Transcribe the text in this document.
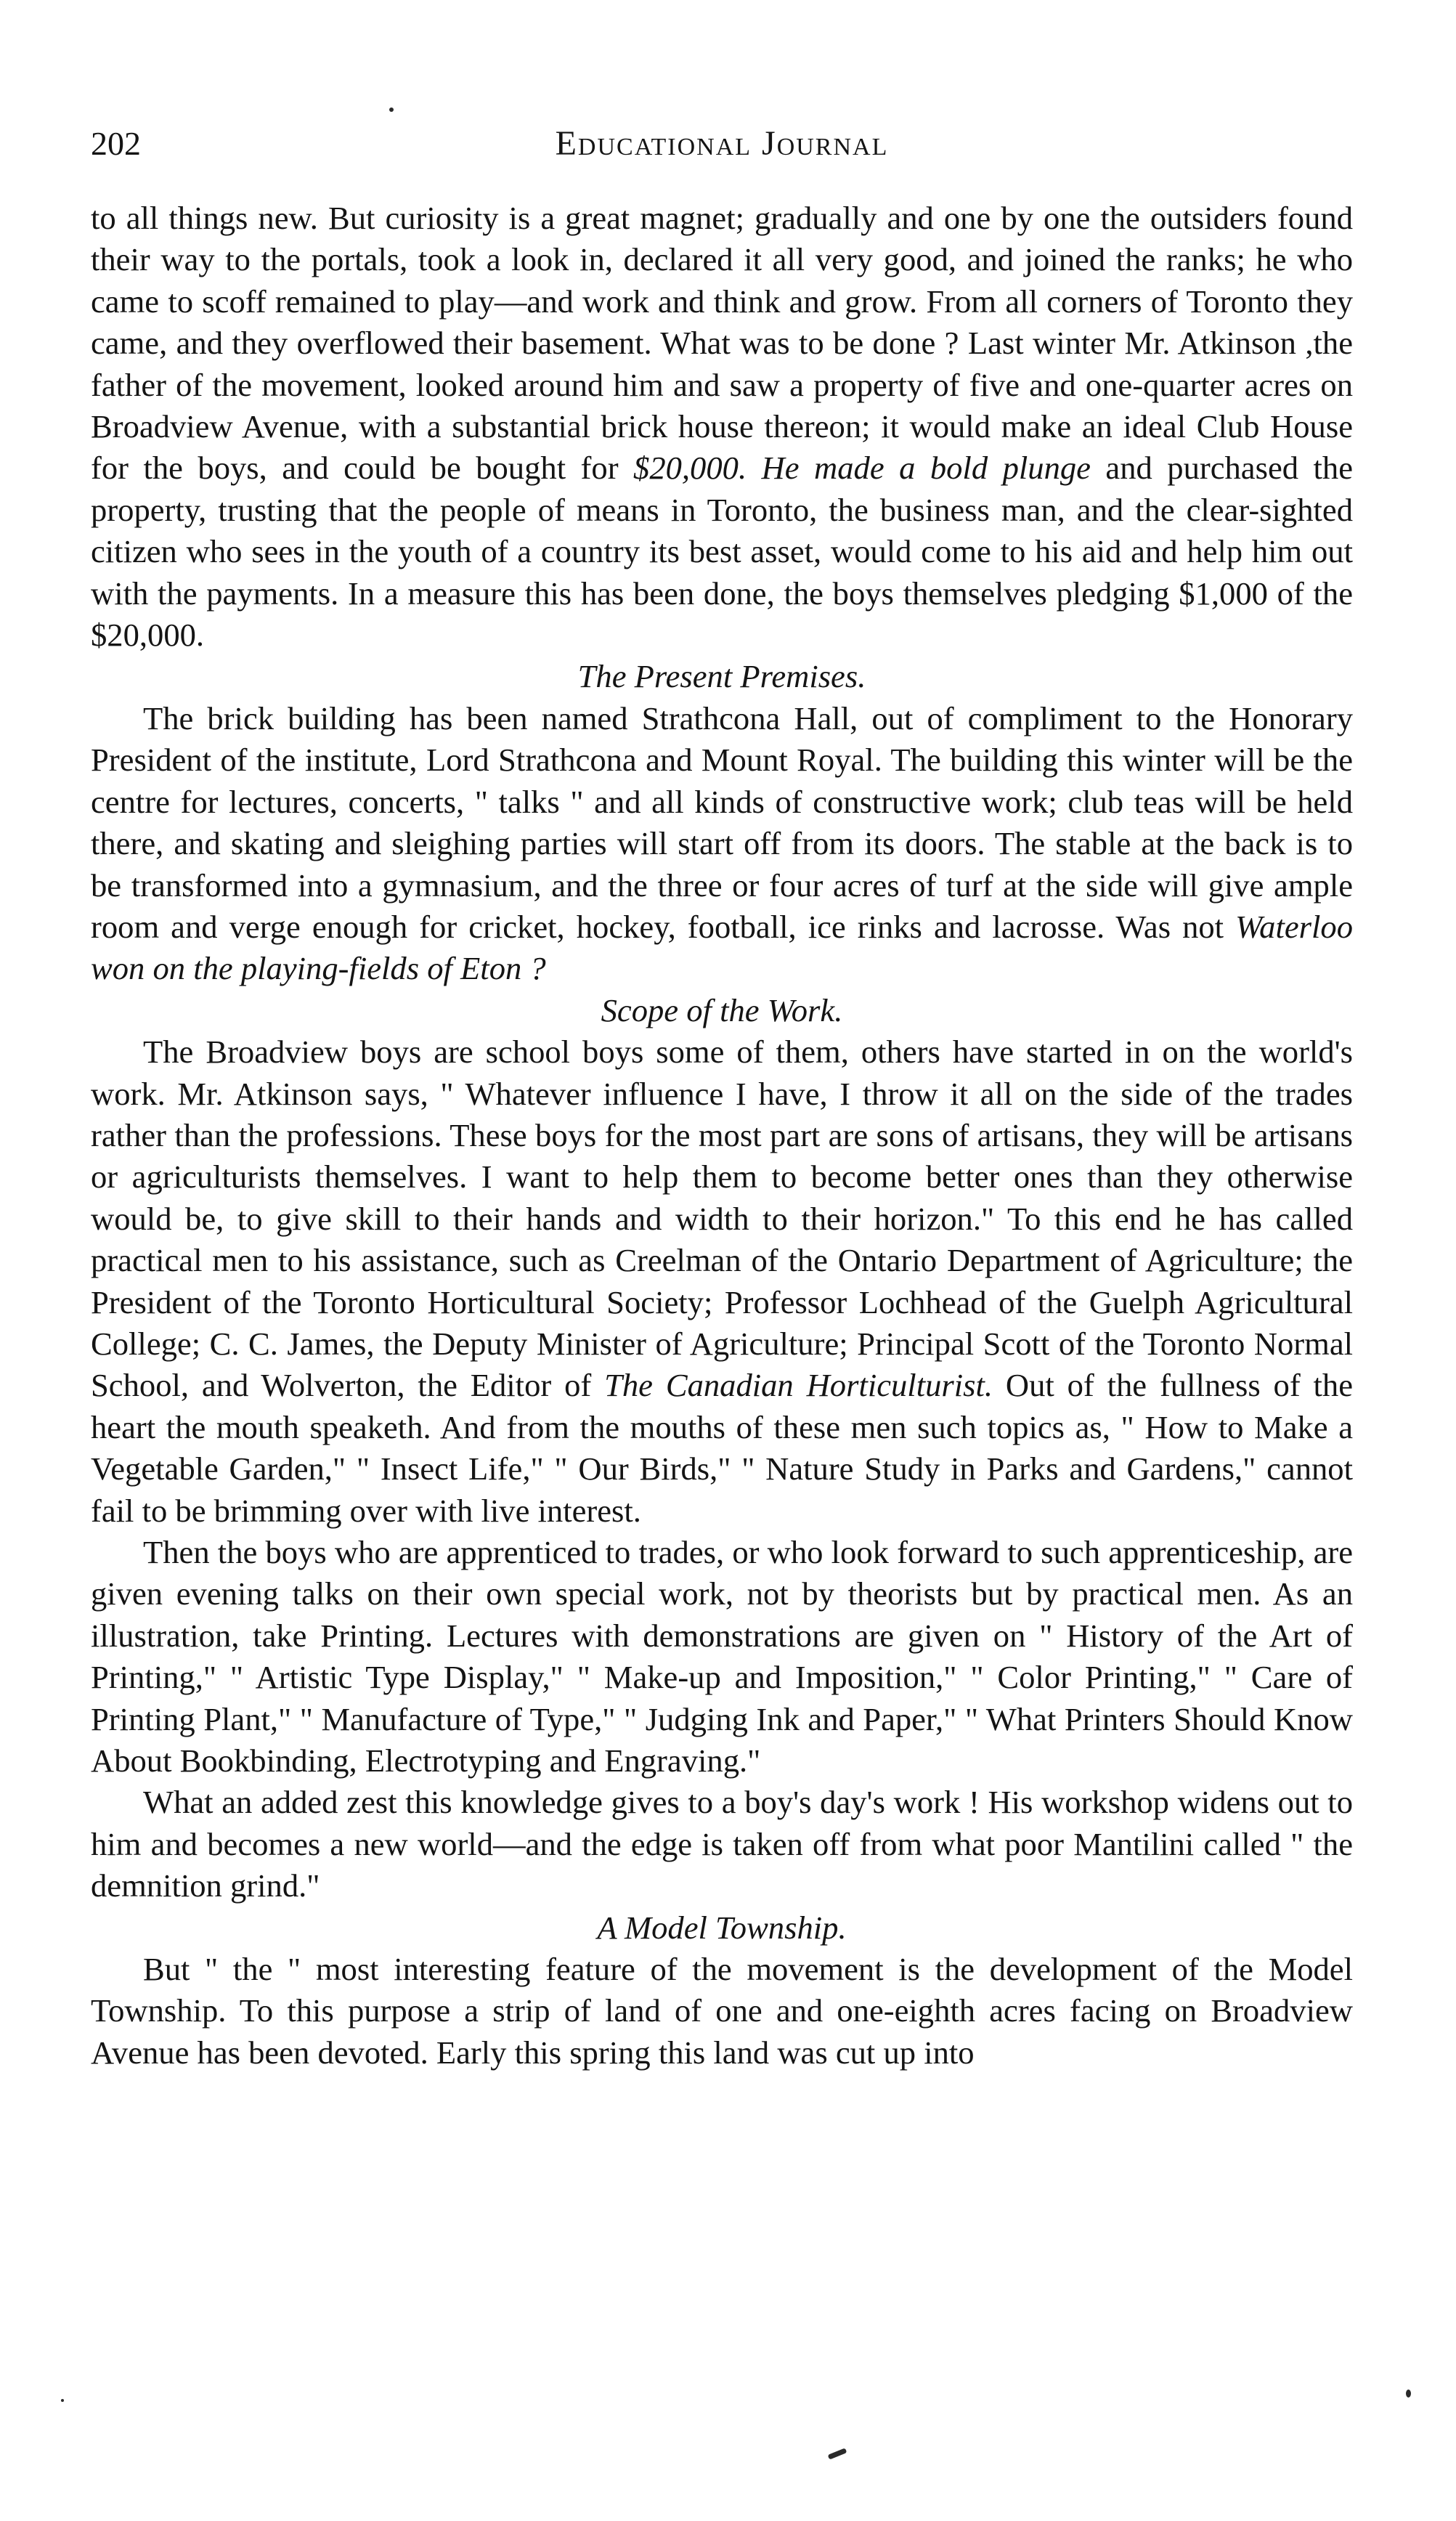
202	Educational Journal

to all things new. But curiosity is a great magnet; gradually and one by one the outsiders found their way to the portals, took a look in, declared it all very good, and joined the ranks; he who came to scoff remained to play—and work and think and grow. From all corners of Toronto they came, and they overflowed their basement. What was to be done ? Last winter Mr. Atkinson ,the father of the movement, looked around him and saw a property of five and one-quarter acres on Broadview Avenue, with a substantial brick house thereon; it would make an ideal Club House for the boys, and could be bought for $20,000. He made a bold plunge and purchased the property, trusting that the people of means in Toronto, the business man, and the clear-sighted citizen who sees in the youth of a country its best asset, would come to his aid and help him out with the payments. In a measure this has been done, the boys themselves pledging $1,000 of the $20,000.

The Present Premises.

The brick building has been named Strathcona Hall, out of compliment to the Honorary President of the institute, Lord Strathcona and Mount Royal. The building this winter will be the centre for lectures, concerts, " talks " and all kinds of constructive work; club teas will be held there, and skating and sleighing parties will start off from its doors. The stable at the back is to be transformed into a gymnasium, and the three or four acres of turf at the side will give ample room and verge enough for cricket, hockey, football, ice rinks and lacrosse. Was not Waterloo won on the playing-fields of Eton ?

Scope of the Work.

The Broadview boys are school boys some of them, others have started in on the world's work. Mr. Atkinson says, " Whatever influence I have, I throw it all on the side of the trades rather than the professions. These boys for the most part are sons of artisans, they will be artisans or agriculturists themselves. I want to help them to become better ones than they otherwise would be, to give skill to their hands and width to their horizon." To this end he has called practical men to his assistance, such as Creelman of the Ontario Department of Agriculture; the President of the Toronto Horticultural Society; Professor Lochhead of the Guelph Agricultural College; C. C. James, the Deputy Minister of Agriculture; Principal Scott of the Toronto Normal School, and Wolverton, the Editor of The Canadian Horticulturist. Out of the fullness of the heart the mouth speaketh. And from the mouths of these men such topics as, " How to Make a Vegetable Garden," " Insect Life," " Our Birds," " Nature Study in Parks and Gardens," cannot fail to be brimming over with live interest.

Then the boys who are apprenticed to trades, or who look forward to such apprenticeship, are given evening talks on their own special work, not by theorists but by practical men. As an illustration, take Printing. Lectures with demonstrations are given on " History of the Art of Printing," " Artistic Type Display," " Make-up and Imposition," " Color Printing," " Care of Printing Plant," " Manufacture of Type," " Judging Ink and Paper," " What Printers Should Know About Bookbinding, Electrotyping and Engraving."

What an added zest this knowledge gives to a boy's day's work ! His workshop widens out to him and becomes a new world—and the edge is taken off from what poor Mantilini called " the demnition grind."

A Model Township.

But " the " most interesting feature of the movement is the development of the Model Township. To this purpose a strip of land of one and one-eighth acres facing on Broadview Avenue has been devoted. Early this spring this land was cut up into
